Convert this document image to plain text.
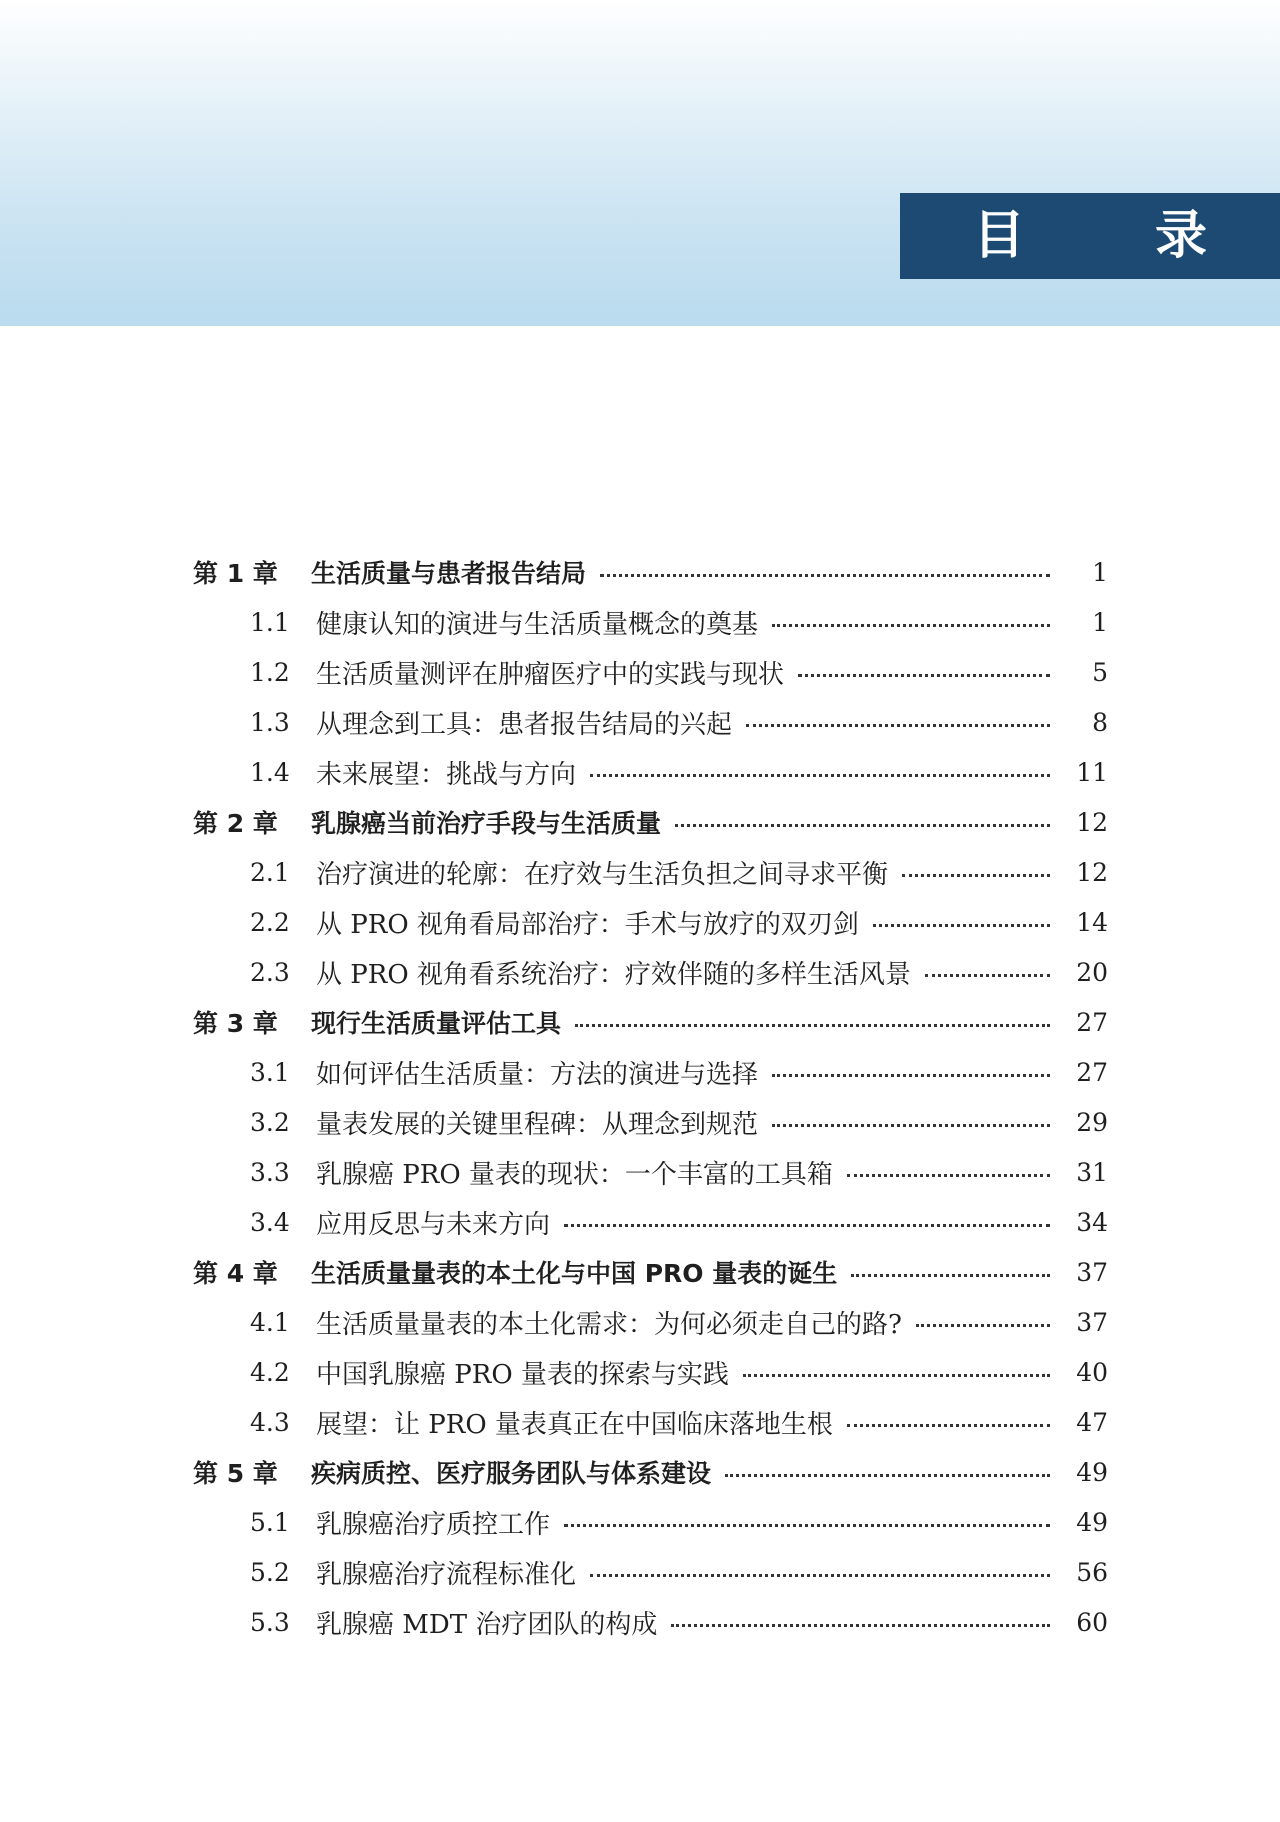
目 录
第 1 章	生活质量与患者报告结局	1
1.1	健康认知的演进与生活质量概念的奠基	1
1.2	生活质量测评在肿瘤医疗中的实践与现状	5
1.3	从理念到工具：患者报告结局的兴起	8
1.4	未来展望：挑战与方向	11
第 2 章	乳腺癌当前治疗手段与生活质量	12
2.1	治疗演进的轮廓：在疗效与生活负担之间寻求平衡	12
2.2	从 PRO 视角看局部治疗：手术与放疗的双刃剑	14
2.3	从 PRO 视角看系统治疗：疗效伴随的多样生活风景	20
第 3 章	现行生活质量评估工具	27
3.1	如何评估生活质量：方法的演进与选择	27
3.2	量表发展的关键里程碑：从理念到规范	29
3.3	乳腺癌 PRO 量表的现状：一个丰富的工具箱	31
3.4	应用反思与未来方向	34
第 4 章	生活质量量表的本土化与中国 PRO 量表的诞生	37
4.1	生活质量量表的本土化需求：为何必须走自己的路?	37
4.2	中国乳腺癌 PRO 量表的探索与实践	40
4.3	展望：让 PRO 量表真正在中国临床落地生根	47
第 5 章	疾病质控、医疗服务团队与体系建设	49
5.1	乳腺癌治疗质控工作	49
5.2	乳腺癌治疗流程标准化	56
5.3	乳腺癌 MDT 治疗团队的构成	60
